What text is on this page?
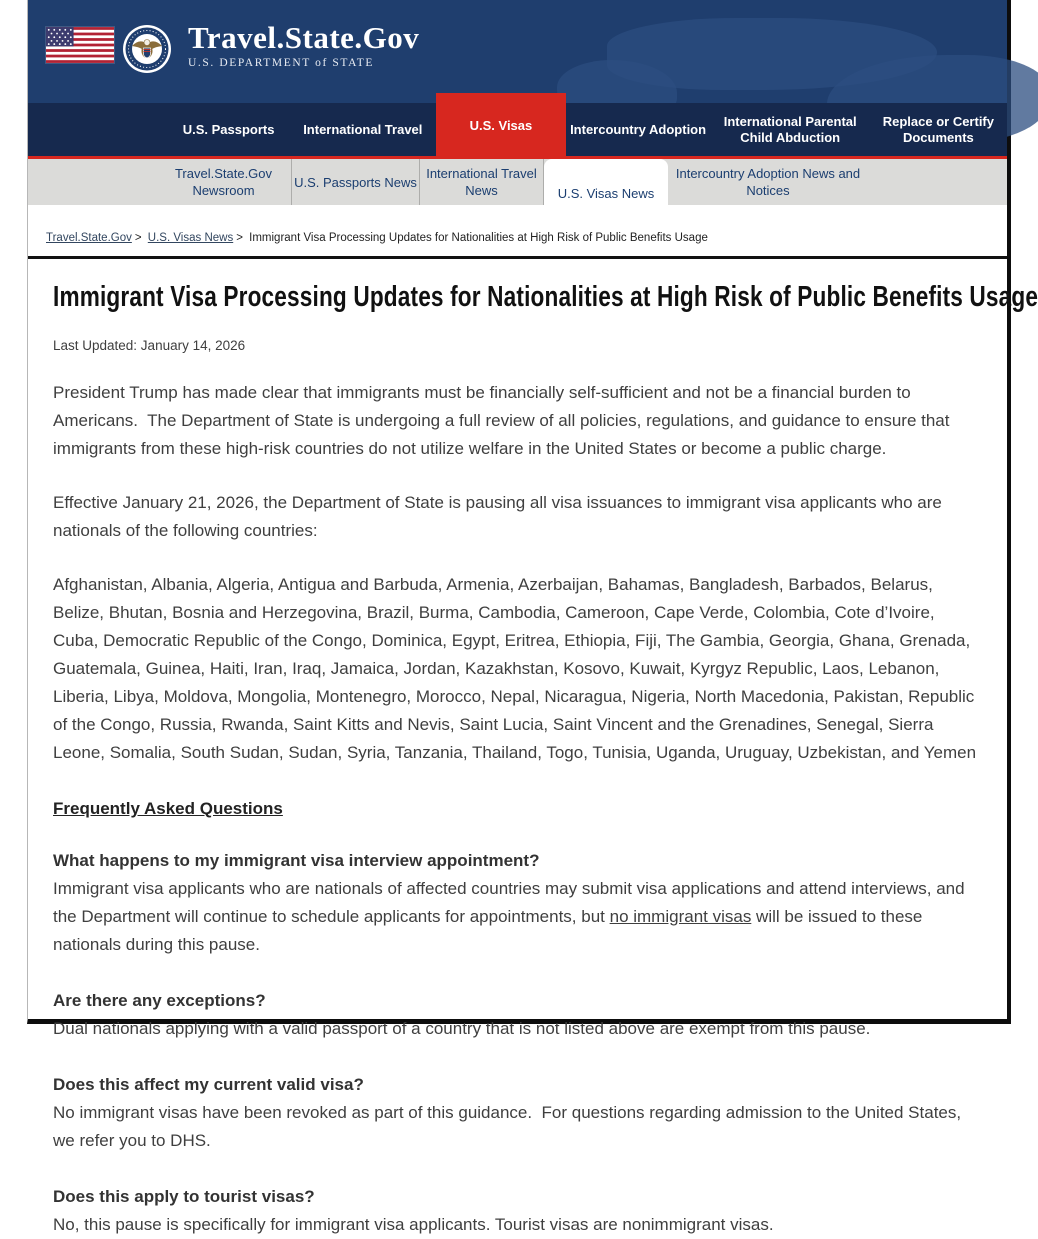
Travel.State.Gov
U.S. DEPARTMENT of STATE
U.S. Passports	International Travel	U.S. Visas	Intercountry Adoption
International Parental Child Abduction
Replace or Certify Documents
Travel.State.Gov Newsroom
U.S. Passports News
International Travel News	U.S. Visas News
Intercountry Adoption News and Notices
Travel.State.Gov > U.S. Visas News > Immigrant Visa Processing Updates for Nationalities at High Risk of Public Benefits Usage
Immigrant Visa Processing Updates for Nationalities at High Risk of Public Benefits Usage
Last Updated: January 14, 2026

President Trump has made clear that immigrants must be financially self-sufficient and not be a financial burden to Americans.  The Department of State is undergoing a full review of all policies, regulations, and guidance to ensure that immigrants from these high-risk countries do not utilize welfare in the United States or become a public charge.

Effective January 21, 2026, the Department of State is pausing all visa issuances to immigrant visa applicants who are nationals of the following countries:

Afghanistan, Albania, Algeria, Antigua and Barbuda, Armenia, Azerbaijan, Bahamas, Bangladesh, Barbados, Belarus, Belize, Bhutan, Bosnia and Herzegovina, Brazil, Burma, Cambodia, Cameroon, Cape Verde, Colombia, Cote d’Ivoire, Cuba, Democratic Republic of the Congo, Dominica, Egypt, Eritrea, Ethiopia, Fiji, The Gambia, Georgia, Ghana, Grenada, Guatemala, Guinea, Haiti, Iran, Iraq, Jamaica, Jordan, Kazakhstan, Kosovo, Kuwait, Kyrgyz Republic, Laos, Lebanon, Liberia, Libya, Moldova, Mongolia, Montenegro, Morocco, Nepal, Nicaragua, Nigeria, North Macedonia, Pakistan, Republic of the Congo, Russia, Rwanda, Saint Kitts and Nevis, Saint Lucia, Saint Vincent and the Grenadines, Senegal, Sierra Leone, Somalia, South Sudan, Sudan, Syria, Tanzania, Thailand, Togo, Tunisia, Uganda, Uruguay, Uzbekistan, and Yemen

Frequently Asked Questions
What happens to my immigrant visa interview appointment?

Immigrant visa applicants who are nationals of affected countries may submit visa applications and attend interviews, and the Department will continue to schedule applicants for appointments, but no immigrant visas will be issued to these nationals during this pause.

Are there any exceptions?

Dual nationals applying with a valid passport of a country that is not listed above are exempt from this pause.

Does this affect my current valid visa?

No immigrant visas have been revoked as part of this guidance.  For questions regarding admission to the United States, we refer you to DHS.

Does this apply to tourist visas?

No, this pause is specifically for immigrant visa applicants. Tourist visas are nonimmigrant visas.
